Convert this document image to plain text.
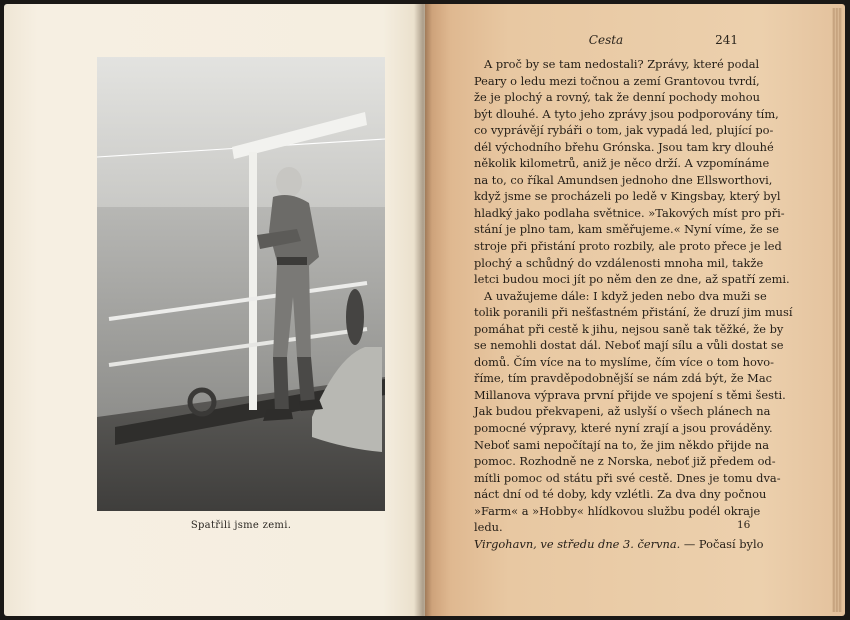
Spatřili jsme zemi.
Cesta	241
A proč by se tam nedostali? Zprávy, které podal
Peary o ledu mezi točnou a zemí Grantovou tvrdí,
že je plochý a rovný, tak že denní pochody mohou
být dlouhé. A tyto jeho zprávy jsou podporovány tím,
co vyprávějí rybáři o tom, jak vypadá led, plující po-
dél východního břehu Grónska. Jsou tam kry dlouhé
několik kilometrů, aniž je něco drží. A vzpomínáme
na to, co říkal Amundsen jednoho dne Ellsworthovi,
když jsme se procházeli po ledě v Kingsbay, který byl
hladký jako podlaha světnice. »Takových míst pro při-
stání je plno tam, kam směřujeme.« Nyní víme, že se
stroje při přistání proto rozbily, ale proto přece je led
plochý a schůdný do vzdálenosti mnoha mil, takže
letci budou moci jít po něm den ze dne, až spatří zemi.
A uvažujeme dále: I když jeden nebo dva muži se
tolik poranili při nešťastném přistání, že druzí jim musí
pomáhat při cestě k jihu, nejsou saně tak těžké, že by
se nemohli dostat dál. Neboť mají sílu a vůli dostat se
domů. Čím více na to myslíme, čím více o tom hovo-
říme, tím pravděpodobnější se nám zdá být, že Mac
Millanova výprava první přijde ve spojení s těmi šesti.
Jak budou překvapeni, až uslyší o všech plánech na
pomocné výpravy, které nyní zrají a jsou prováděny.
Neboť sami nepočítají na to, že jim někdo přijde na
pomoc. Rozhodně ne z Norska, neboť již předem od-
mítli pomoc od státu při své cestě. Dnes je tomu dva-
náct dní od té doby, kdy vzlétli. Za dva dny počnou
»Farm« a »Hobby« hlídkovou službu podél okraje
ledu.
Virgohavn, ve středu dne 3. června. — Počasí bylo
16
